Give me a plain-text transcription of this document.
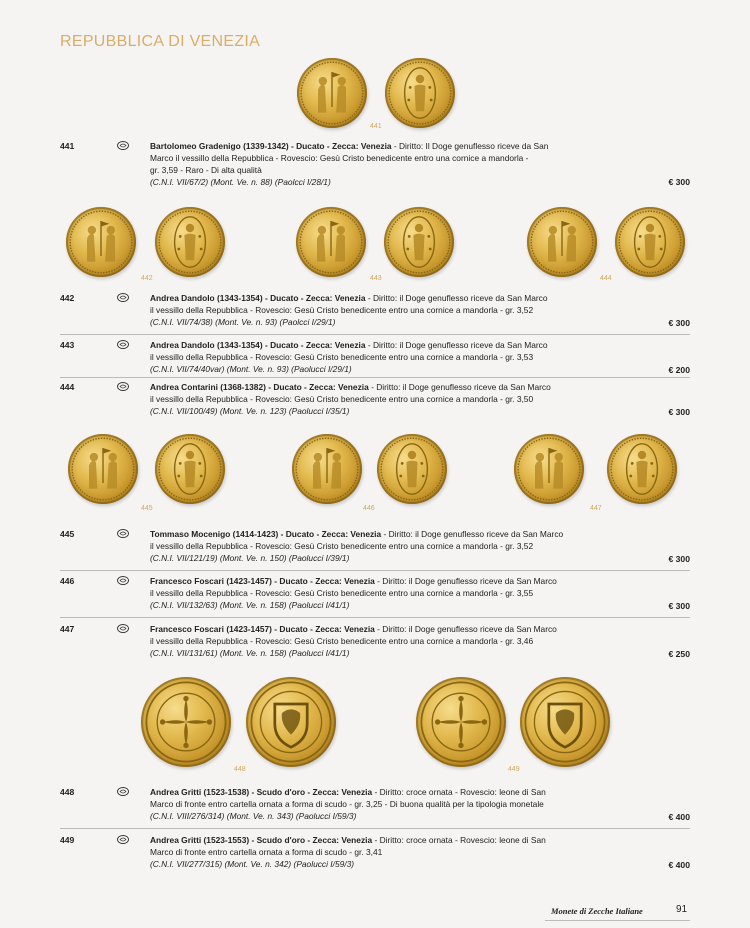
REPUBBLICA DI VENEZIA
441
441	Bartolomeo Gradenigo (1339-1342) - Ducato - Zecca: Venezia - Diritto: Il Doge genuflesso riceve da San
Marco il vessillo della Repubblica - Rovescio: Gesù Cristo benedicente entro una cornice a mandorla -
gr. 3,59 - Raro - Di alta qualità
(C.N.I. VII/67/2) (Mont. Ve. n. 88) (Paolcci I/28/1)	€ 300
442	443	444
442	Andrea Dandolo (1343-1354) - Ducato - Zecca: Venezia - Diritto: il Doge genuflesso riceve da San Marco
il vessillo della Repubblica - Rovescio: Gesù Cristo benedicente entro una cornice a mandorla - gr. 3,52
(C.N.I. VII/74/38) (Mont. Ve. n. 93) (Paolcci I/29/1)	€ 300
443	Andrea Dandolo (1343-1354) - Ducato - Zecca: Venezia - Diritto: il Doge genuflesso riceve da San Marco
il vessillo della Repubblica - Rovescio: Gesù Cristo benedicente entro una cornice a mandorla - gr. 3,53
(C.N.I. VII/74/40var) (Mont. Ve. n. 93) (Paolucci I/29/1)	€ 200
444	Andrea Contarini (1368-1382) - Ducato - Zecca: Venezia - Diritto: il Doge genuflesso riceve da San Marco
il vessillo della Repubblica - Rovescio: Gesù Cristo benedicente entro una cornice a mandorla - gr. 3,50
(C.N.I. VII/100/49) (Mont. Ve. n. 123) (Paolucci I/35/1)	€ 300
445	446	447
445	Tommaso Mocenigo (1414-1423) - Ducato - Zecca: Venezia - Diritto: il Doge genuflesso riceve da San Marco
il vessillo della Repubblica - Rovescio: Gesù Cristo benedicente entro una cornice a mandorla - gr. 3,52
(C.N.I. VII/121/19) (Mont. Ve. n. 150) (Paolucci I/39/1)	€ 300
446	Francesco Foscari (1423-1457) - Ducato - Zecca: Venezia - Diritto: il Doge genuflesso riceve da San Marco
il vessillo della Repubblica - Rovescio: Gesù Cristo benedicente entro una cornice a mandorla - gr. 3,55
(C.N.I. VII/132/63) (Mont. Ve. n. 158) (Paolucci I/41/1)	€ 300
447	Francesco Foscari (1423-1457) - Ducato - Zecca: Venezia - Diritto: il Doge genuflesso riceve da San Marco
il vessillo della Repubblica - Rovescio: Gesù Cristo benedicente entro una cornice a mandorla - gr. 3,46
(C.N.I. VII/131/61) (Mont. Ve. n. 158) (Paolucci I/41/1)	€ 250
448	449
448	Andrea Gritti (1523-1538) - Scudo d'oro - Zecca: Venezia - Diritto: croce ornata - Rovescio: leone di San
Marco di fronte entro cartella ornata a forma di scudo - gr. 3,25 - Di buona qualità per la tipologia monetale
(C.N.I. VIII/276/314) (Mont. Ve. n. 343) (Paolucci I/59/3)	€ 400
449	Andrea Gritti (1523-1553) - Scudo d'oro - Zecca: Venezia - Diritto: croce ornata - Rovescio: leone di San
Marco di fronte entro cartella ornata a forma di scudo - gr. 3,41
(C.N.I. VII/277/315) (Mont. Ve. n. 342) (Paolucci I/59/3)	€ 400
Monete di Zecche Italiane	91
